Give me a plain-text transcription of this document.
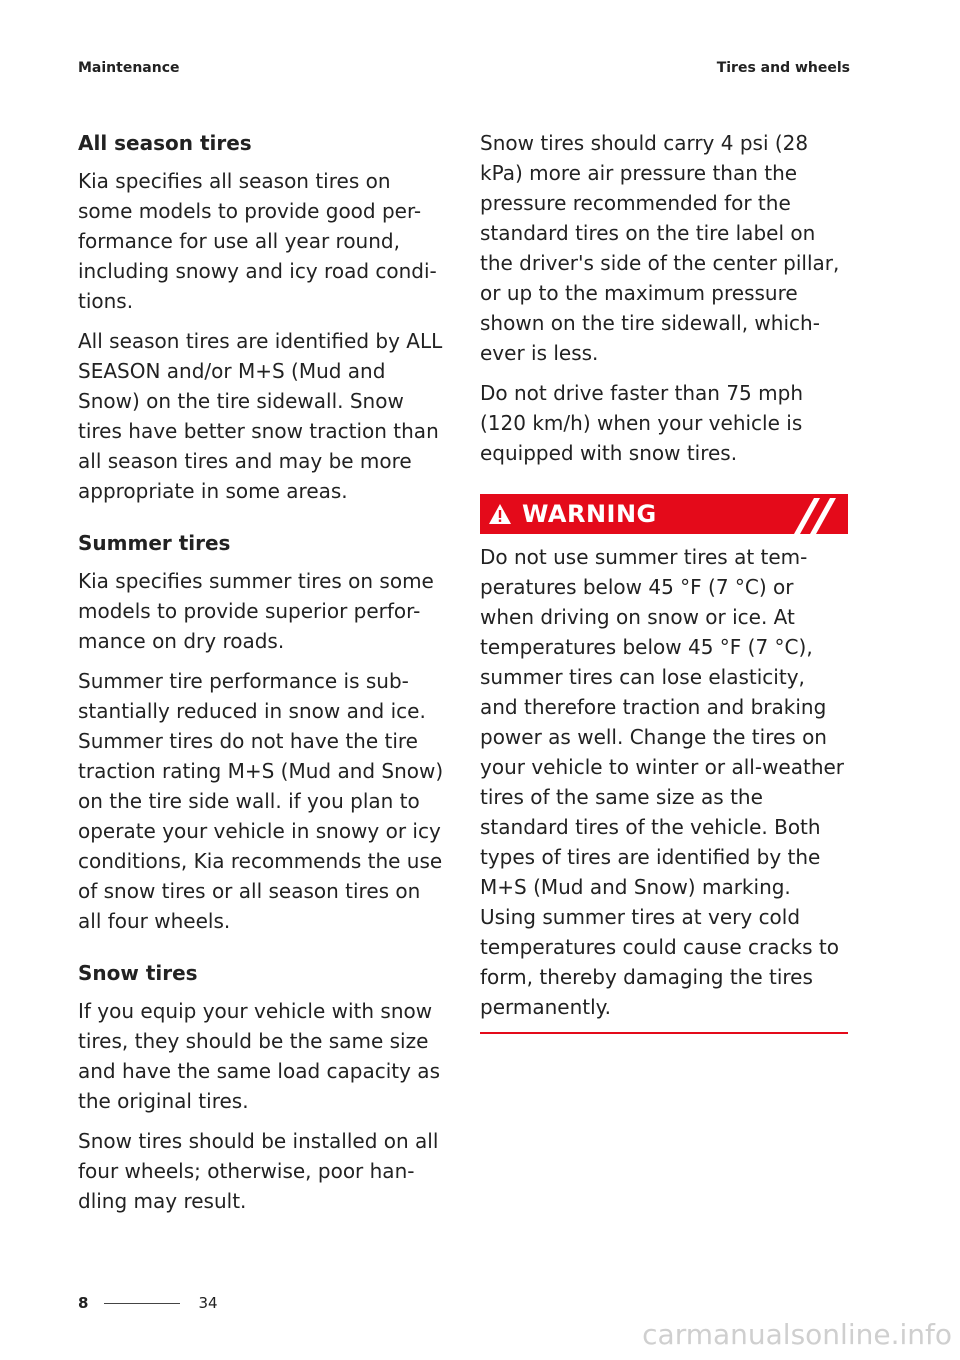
Maintenance	Tires and wheels
All season tires

Kia specifies all season tires on some models to provide good per-formance for use all year round, including snowy and icy road condi-tions.

All season tires are identified by ALL SEASON and/or M+S (Mud and Snow) on the tire sidewall. Snow tires have better snow traction than all season tires and may be more appropriate in some areas.

Summer tires

Kia specifies summer tires on some models to provide superior perfor-mance on dry roads.

Summer tire performance is sub-stantially reduced in snow and ice. Summer tires do not have the tire traction rating M+S (Mud and Snow) on the tire side wall. if you plan to operate your vehicle in snowy or icy conditions, Kia recommends the use of snow tires or all season tires on all four wheels.

Snow tires

If you equip your vehicle with snow tires, they should be the same size and have the same load capacity as the original tires.

Snow tires should be installed on all four wheels; otherwise, poor han-dling may result.

Snow tires should carry 4 psi (28 kPa) more air pressure than the pressure recommended for the standard tires on the tire label on the driver's side of the center pillar, or up to the maximum pressure shown on the tire sidewall, which-ever is less.

Do not drive faster than 75 mph (120 km/h) when your vehicle is equipped with snow tires.

WARNING

Do not use summer tires at tem-peratures below 45 °F (7 °C) or when driving on snow or ice. At temperatures below 45 °F (7 °C), summer tires can lose elasticity, and therefore traction and braking power as well. Change the tires on your vehicle to winter or all-weather tires of the same size as the standard tires of the vehicle. Both types of tires are identified by the M+S (Mud and Snow) marking. Using summer tires at very cold temperatures could cause cracks to form, thereby damaging the tires permanently.

8	34
carmanualsonline.info
